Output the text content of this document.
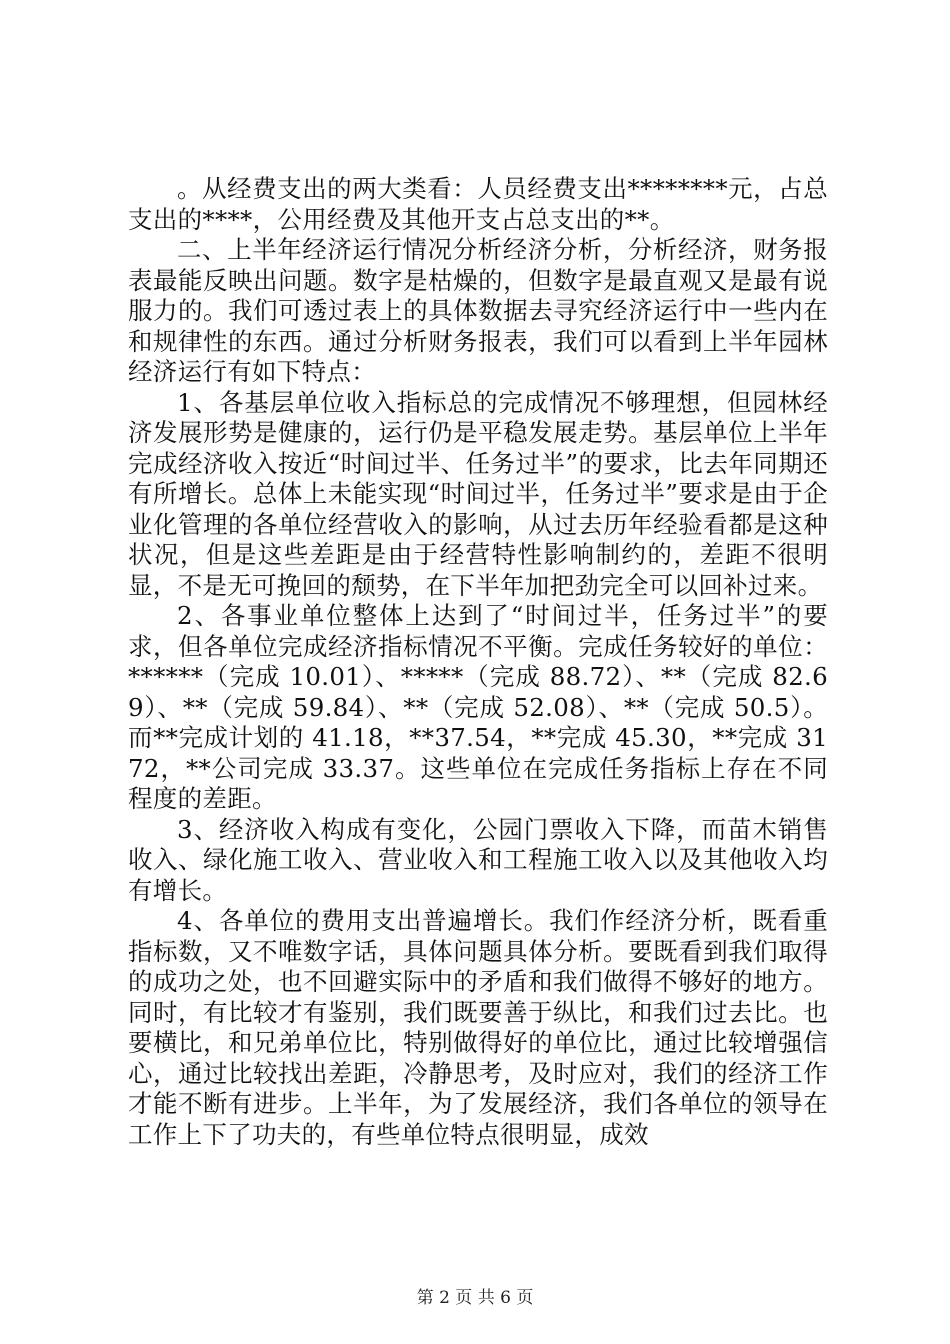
。从经费支出的两大类看：人员经费支出********元，占总支出的****，公用经费及其他开支占总支出的**。

二、上半年经济运行情况分析经济分析，分析经济，财务报表最能反映出问题。数字是枯燥的，但数字是最直观又是最有说服力的。我们可透过表上的具体数据去寻究经济运行中一些内在和规律性的东西。通过分析财务报表，我们可以看到上半年园林经济运行有如下特点：

1、各基层单位收入指标总的完成情况不够理想，但园林经济发展形势是健康的，运行仍是平稳发展走势。基层单位上半年完成经济收入按近“时间过半、任务过半”的要求，比去年同期还有所增长。总体上未能实现“时间过半，任务过半”要求是由于企业化管理的各单位经营收入的影响，从过去历年经验看都是这种状况，但是这些差距是由于经营特性影响制约的，差距不很明显，不是无可挽回的颓势，在下半年加把劲完全可以回补过来。

2、各事业单位整体上达到了“时间过半，任务过半”的要求，但各单位完成经济指标情况不平衡。完成任务较好的单位：******（完成 10.01）、*****（完成 88.72）、**（完成 82.69）、**（完成 59.84）、**（完成 52.08）、**（完成 50.5）。而**完成计划的 41.18，**37.54，**完成 45.30，**完成 3172，**公司完成 33.37。这些单位在完成任务指标上存在不同程度的差距。

3、经济收入构成有变化，公园门票收入下降，而苗木销售收入、绿化施工收入、营业收入和工程施工收入以及其他收入均有增长。

4、各单位的费用支出普遍增长。我们作经济分析，既看重指标数，又不唯数字话，具体问题具体分析。要既看到我们取得的成功之处，也不回避实际中的矛盾和我们做得不够好的地方。同时，有比较才有鉴别，我们既要善于纵比，和我们过去比。也要横比，和兄弟单位比，特别做得好的单位比，通过比较增强信心，通过比较找出差距，冷静思考，及时应对，我们的经济工作才能不断有进步。上半年，为了发展经济，我们各单位的领导在工作上下了功夫的，有些单位特点很明显，成效

第 2 页 共 6 页
